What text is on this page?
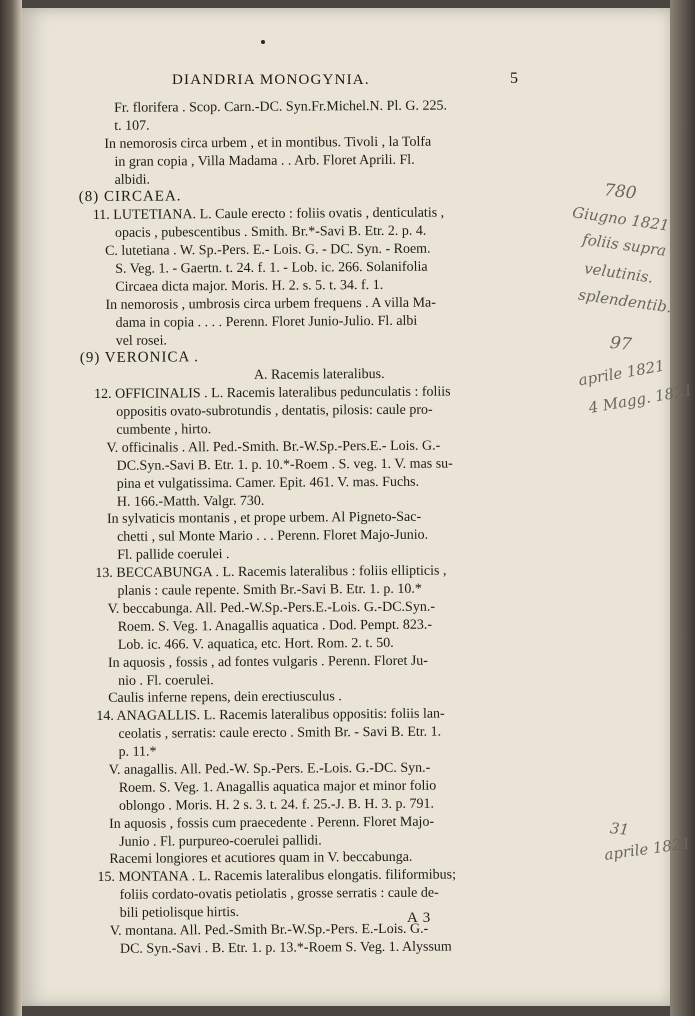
DIANDRIA MONOGYNIA.	5
Fr. florifera . Scop. Carn.-DC. Syn.Fr.Michel.N. Pl. G. 225.
t. 107.
In nemorosis circa urbem , et in montibus. Tivoli , la Tolfa
in gran copia , Villa Madama . . Arb. Floret Aprili. Fl.
albidi.
(8) CIRCAEA.
11. LUTETIANA. L. Caule erecto : foliis ovatis , denticulatis ,
opacis , pubescentibus . Smith. Br.*-Savi B. Etr. 2. p. 4.
C. lutetiana . W. Sp.-Pers. E.- Lois. G. - DC. Syn. - Roem.
S. Veg. 1. - Gaertn. t. 24. f. 1. - Lob. ic. 266. Solanifolia
Circaea dicta major. Moris. H. 2. s. 5. t. 34. f. 1.
In nemorosis , umbrosis circa urbem frequens . A villa Ma-
dama in copia . . . . Perenn. Floret Junio-Julio. Fl. albi
vel rosei.
(9) VERONICA .
A. Racemis lateralibus.
12. OFFICINALIS . L. Racemis lateralibus pedunculatis : foliis
oppositis ovato-subrotundis , dentatis, pilosis: caule pro-
cumbente , hirto.
V. officinalis . All. Ped.-Smith. Br.-W.Sp.-Pers.E.- Lois. G.-
DC.Syn.-Savi B. Etr. 1. p. 10.*-Roem . S. veg. 1. V. mas su-
pina et vulgatissima. Camer. Epit. 461. V. mas. Fuchs.
H. 166.-Matth. Valgr. 730.
In sylvaticis montanis , et prope urbem. Al Pigneto-Sac-
chetti , sul Monte Mario . . . Perenn. Floret Majo-Junio.
Fl. pallide coerulei .
13. BECCABUNGA . L. Racemis lateralibus : foliis ellipticis ,
planis : caule repente. Smith Br.-Savi B. Etr. 1. p. 10.*
V. beccabunga. All. Ped.-W.Sp.-Pers.E.-Lois. G.-DC.Syn.-
Roem. S. Veg. 1. Anagallis aquatica . Dod. Pempt. 823.-
Lob. ic. 466. V. aquatica, etc. Hort. Rom. 2. t. 50.
In aquosis , fossis , ad fontes vulgaris . Perenn. Floret Ju-
nio . Fl. coerulei.
Caulis inferne repens, dein erectiusculus .
14. ANAGALLIS. L. Racemis lateralibus oppositis: foliis lan-
ceolatis , serratis: caule erecto . Smith Br. - Savi B. Etr. 1.
p. 11.*
V. anagallis. All. Ped.-W. Sp.-Pers. E.-Lois. G.-DC. Syn.-
Roem. S. Veg. 1. Anagallis aquatica major et minor folio
oblongo . Moris. H. 2 s. 3. t. 24. f. 25.-J. B. H. 3. p. 791.
In aquosis , fossis cum praecedente . Perenn. Floret Majo-
Junio . Fl. purpureo-coerulei pallidi.
Racemi longiores et acutiores quam in V. beccabunga.
15. MONTANA . L. Racemis lateralibus elongatis. filiformibus;
foliis cordato-ovatis petiolatis , grosse serratis : caule de-
bili petiolisque hirtis.
V. montana. All. Ped.-Smith Br.-W.Sp.-Pers. E.-Lois. G.-
DC. Syn.-Savi . B. Etr. 1. p. 13.*-Roem S. Veg. 1. Alyssum
A 3
780
Giugno 1821
foliis supra
velutinis.
splendentib.
97
aprile 1821
4 Magg. 1821
31
aprile 1821
